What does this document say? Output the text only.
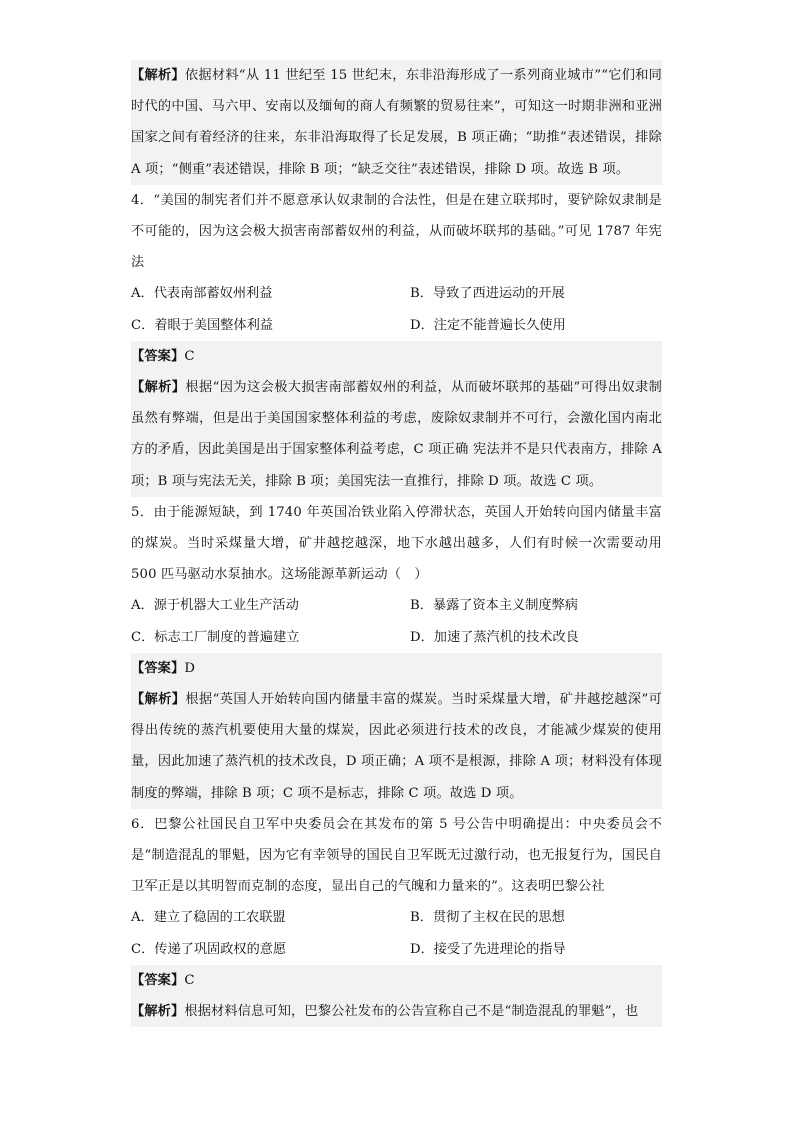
【解析】依据材料“从 11 世纪至 15 世纪末，东非沿海形成了一系列商业城市”“它们和同时代的中国、马六甲、安南以及缅甸的商人有频繁的贸易往来”，可知这一时期非洲和亚洲国家之间有着经济的往来，东非沿海取得了长足发展，B 项正确；“助推”表述错误，排除 A 项；“侧重”表述错误，排除 B 项；“缺乏交往”表述错误，排除 D 项。故选 B 项。

4．“美国的制宪者们并不愿意承认奴隶制的合法性，但是在建立联邦时，要铲除奴隶制是不可能的，因为这会极大损害南部蓄奴州的利益，从而破坏联邦的基础。”可见 1787 年宪法

A．代表南部蓄奴州利益	B．导致了西进运动的开展
C．着眼于美国整体利益	D．注定不能普遍长久使用

【答案】C

【解析】根据“因为这会极大损害南部蓄奴州的利益，从而破坏联邦的基础”可得出奴隶制虽然有弊端，但是出于美国国家整体利益的考虑，废除奴隶制并不可行，会激化国内南北方的矛盾，因此美国是出于国家整体利益考虑，C 项正确 宪法并不是只代表南方，排除 A 项；B 项与宪法无关，排除 B 项；美国宪法一直推行，排除 D 项。故选 C 项。

5．由于能源短缺，到 1740 年英国冶铁业陷入停滞状态，英国人开始转向国内储量丰富的煤炭。当时采煤量大增，矿井越挖越深，地下水越出越多，人们有时候一次需要动用 500 匹马驱动水泵抽水。这场能源革新运动（　）

A．源于机器大工业生产活动	B．暴露了资本主义制度弊病
C．标志工厂制度的普遍建立	D．加速了蒸汽机的技术改良

【答案】D

【解析】根据“英国人开始转向国内储量丰富的煤炭。当时采煤量大增，矿井越挖越深”可得出传统的蒸汽机要使用大量的煤炭，因此必须进行技术的改良，才能减少煤炭的使用量，因此加速了蒸汽机的技术改良，D 项正确；A 项不是根源，排除 A 项；材料没有体现制度的弊端，排除 B 项；C 项不是标志，排除 C 项。故选 D 项。

6．巴黎公社国民自卫军中央委员会在其发布的第 5 号公告中明确提出：中央委员会不是“制造混乱的罪魁，因为它有幸领导的国民自卫军既无过激行动，也无报复行为，国民自卫军正是以其明智而克制的态度，显出自己的气魄和力量来的”。这表明巴黎公社

A．建立了稳固的工农联盟	B．贯彻了主权在民的思想
C．传递了巩固政权的意愿	D．接受了先进理论的指导

【答案】C

【解析】根据材料信息可知，巴黎公社发布的公告宣称自己不是“制造混乱的罪魁”，也
